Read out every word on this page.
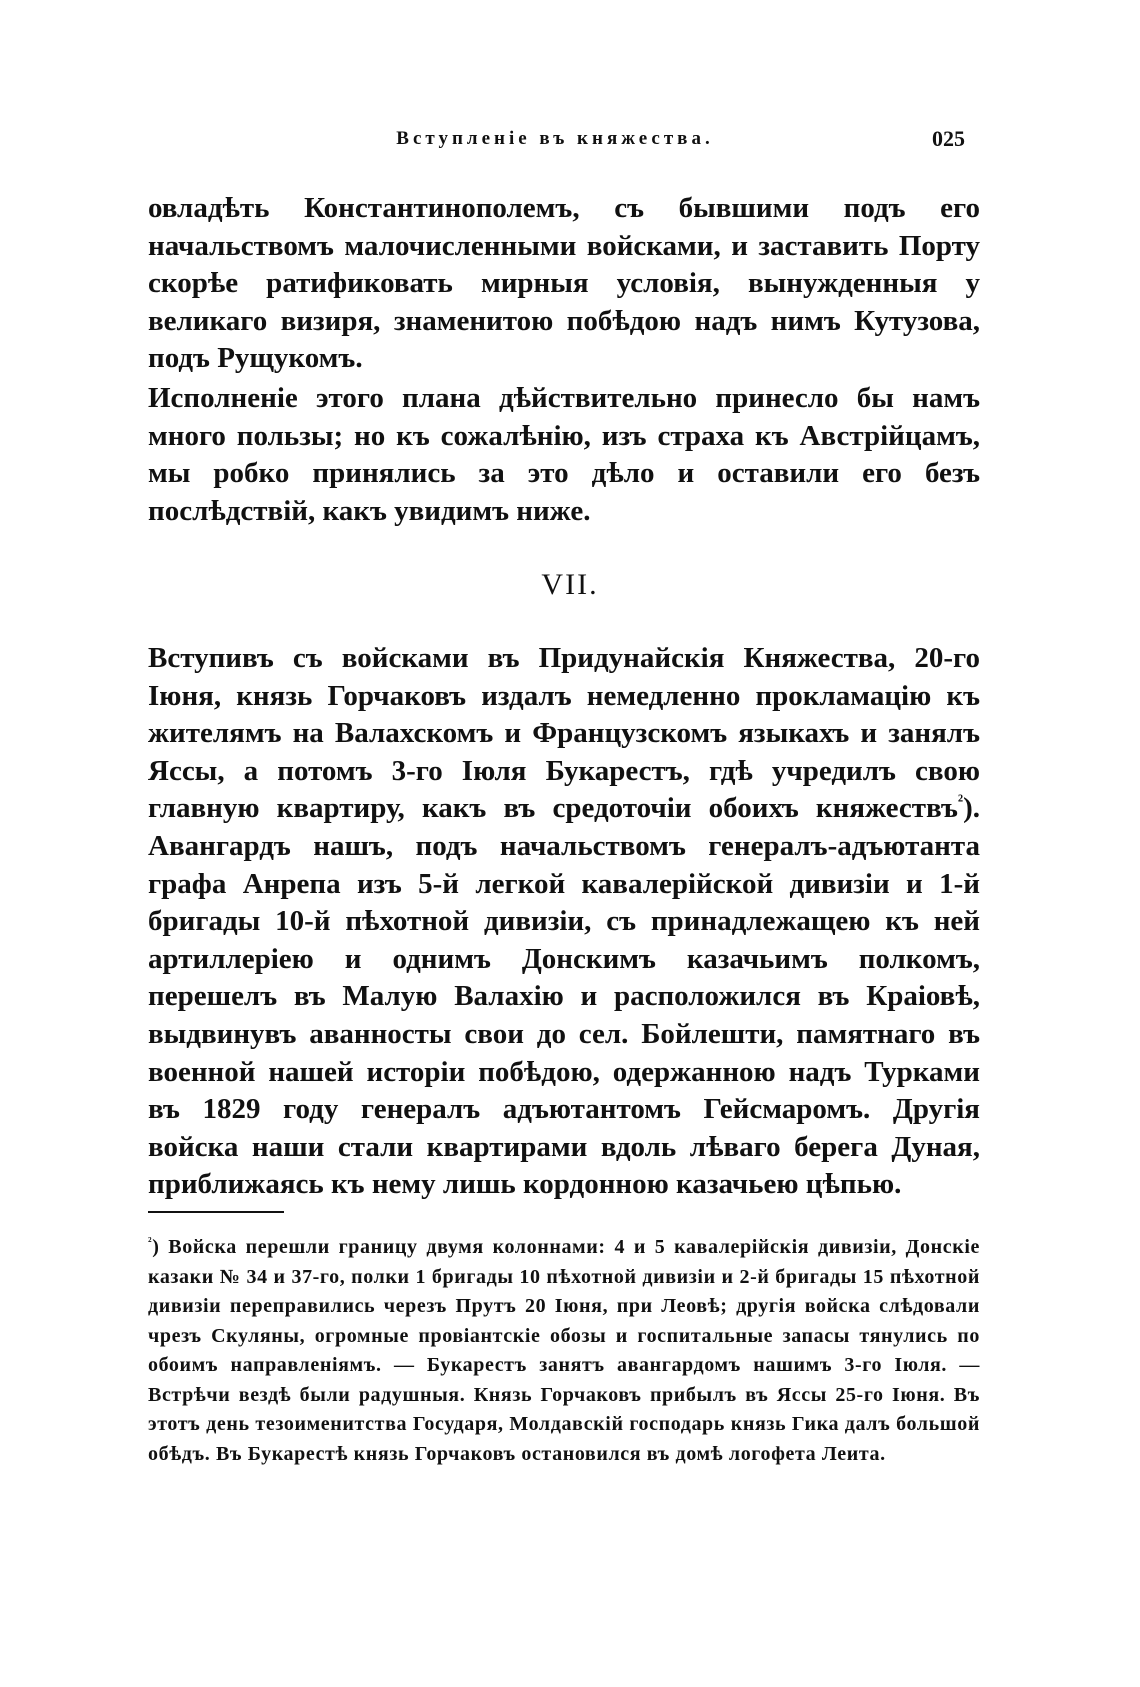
Вступленіе въ княжества.	025

овладѣть Константинополемъ, съ бывшими подъ его начальствомъ малочисленными войсками, и заставить Порту скорѣе ратификовать мирныя условія, вынужденныя у великаго визиря, знаменитою побѣдою надъ нимъ Кутузова, подъ Рущукомъ.

Исполненіе этого плана дѣйствительно принесло бы намъ много пользы; но къ сожалѣнію, изъ страха къ Австрійцамъ, мы робко принялись за это дѣло и оставили его безъ послѣдствій, какъ увидимъ ниже.

VII.

Вступивъ съ войсками въ Придунайскія Княжества, 20-го Іюня, князь Горчаковъ издалъ немедленно прокламацію къ жителямъ на Валахскомъ и Французскомъ языкахъ и занялъ Яссы, а потомъ 3-го Іюля Букарестъ, гдѣ учредилъ свою главную квартиру, какъ въ средоточіи обоихъ княжествъ$^{^2}$). Авангардъ нашъ, подъ начальствомъ генералъ-адъютанта графа Анрепа изъ 5-й легкой кавалерійской дивизіи и 1-й бригады 10-й пѣхотной дивизіи, съ принадлежащею къ ней артиллеріею и однимъ Донскимъ казачьимъ полкомъ, перешелъ въ Малую Валахію и расположился въ Краіовѣ, выдвинувъ аванносты свои до сел. Бойлешти, памятнаго въ военной нашей исторіи побѣдою, одержанною надъ Турками въ 1829 году генералъ адъютантомъ Гейсмаромъ. Другія войска наши стали квартирами вдоль лѣваго берега Дуная, приближаясь къ нему лишь кордонною казачьею цѣпью.

$^{^2}$) Войска перешли границу двумя колоннами: 4 и 5 кавалерійскія дивизіи, Донскіе казаки № 34 и 37-го, полки 1 бригады 10 пѣхотной дивизіи и 2-й бригады 15 пѣхотной дивизіи переправились черезъ Прутъ 20 Іюня, при Леовѣ; другія войска слѣдовали чрезъ Скуляны, огромные провіантскіе обозы и госпитальные запасы тянулись по обоимъ направленіямъ. — Букарестъ занятъ авангардомъ нашимъ 3-го Іюля. — Встрѣчи вездѣ были радушныя. Князь Горчаковъ прибылъ въ Яссы 25-го Іюня. Въ этотъ день тезоименитства Государя, Молдавскій господарь князь Гика далъ большой обѣдъ. Въ Букарестѣ князь Горчаковъ остановился въ домѣ логофета Леита.
